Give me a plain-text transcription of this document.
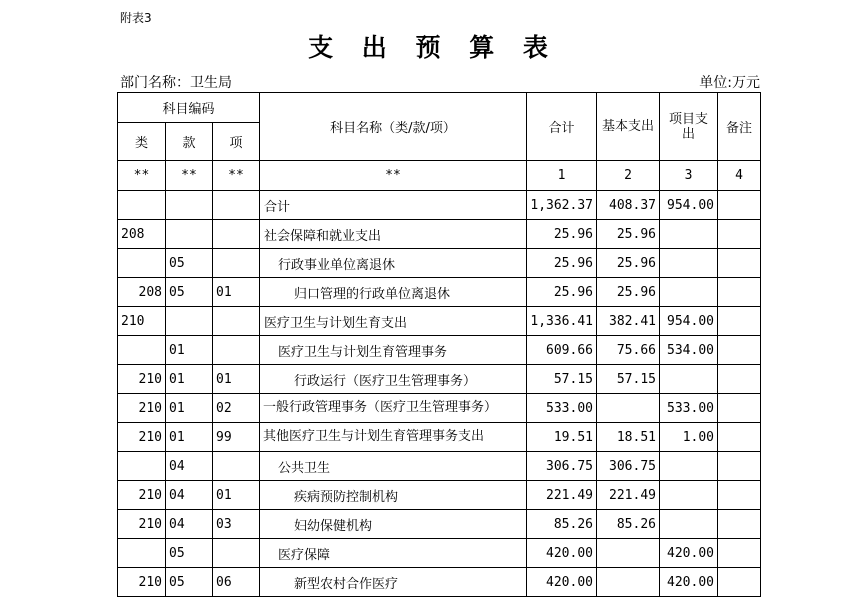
附表3
支 出 预 算 表
部门名称：卫生局	单位:万元
科目编码			科目名称（类/款/项）	合计	基本支出	项目支出	备注
类	款	项					
**	**	**	**	1	2	3	4
			合计	1,362.37	408.37	954.00	
208			社会保障和就业支出	25.96	25.96		
	05		行政事业单位离退休	25.96	25.96		
208	05	01	归口管理的行政单位离退休	25.96	25.96		
210			医疗卫生与计划生育支出	1,336.41	382.41	954.00	
	01		医疗卫生与计划生育管理事务	609.66	75.66	534.00	
210	01	01	行政运行（医疗卫生管理事务）	57.15	57.15		
210	01	02	一般行政管理事务（医疗卫生管理事务）	533.00		533.00	
210	01	99	其他医疗卫生与计划生育管理事务支出	19.51	18.51	1.00	
	04		公共卫生	306.75	306.75		
210	04	01	疾病预防控制机构	221.49	221.49		
210	04	03	妇幼保健机构	85.26	85.26		
	05		医疗保障	420.00		420.00	
210	05	06	新型农村合作医疗	420.00		420.00	
